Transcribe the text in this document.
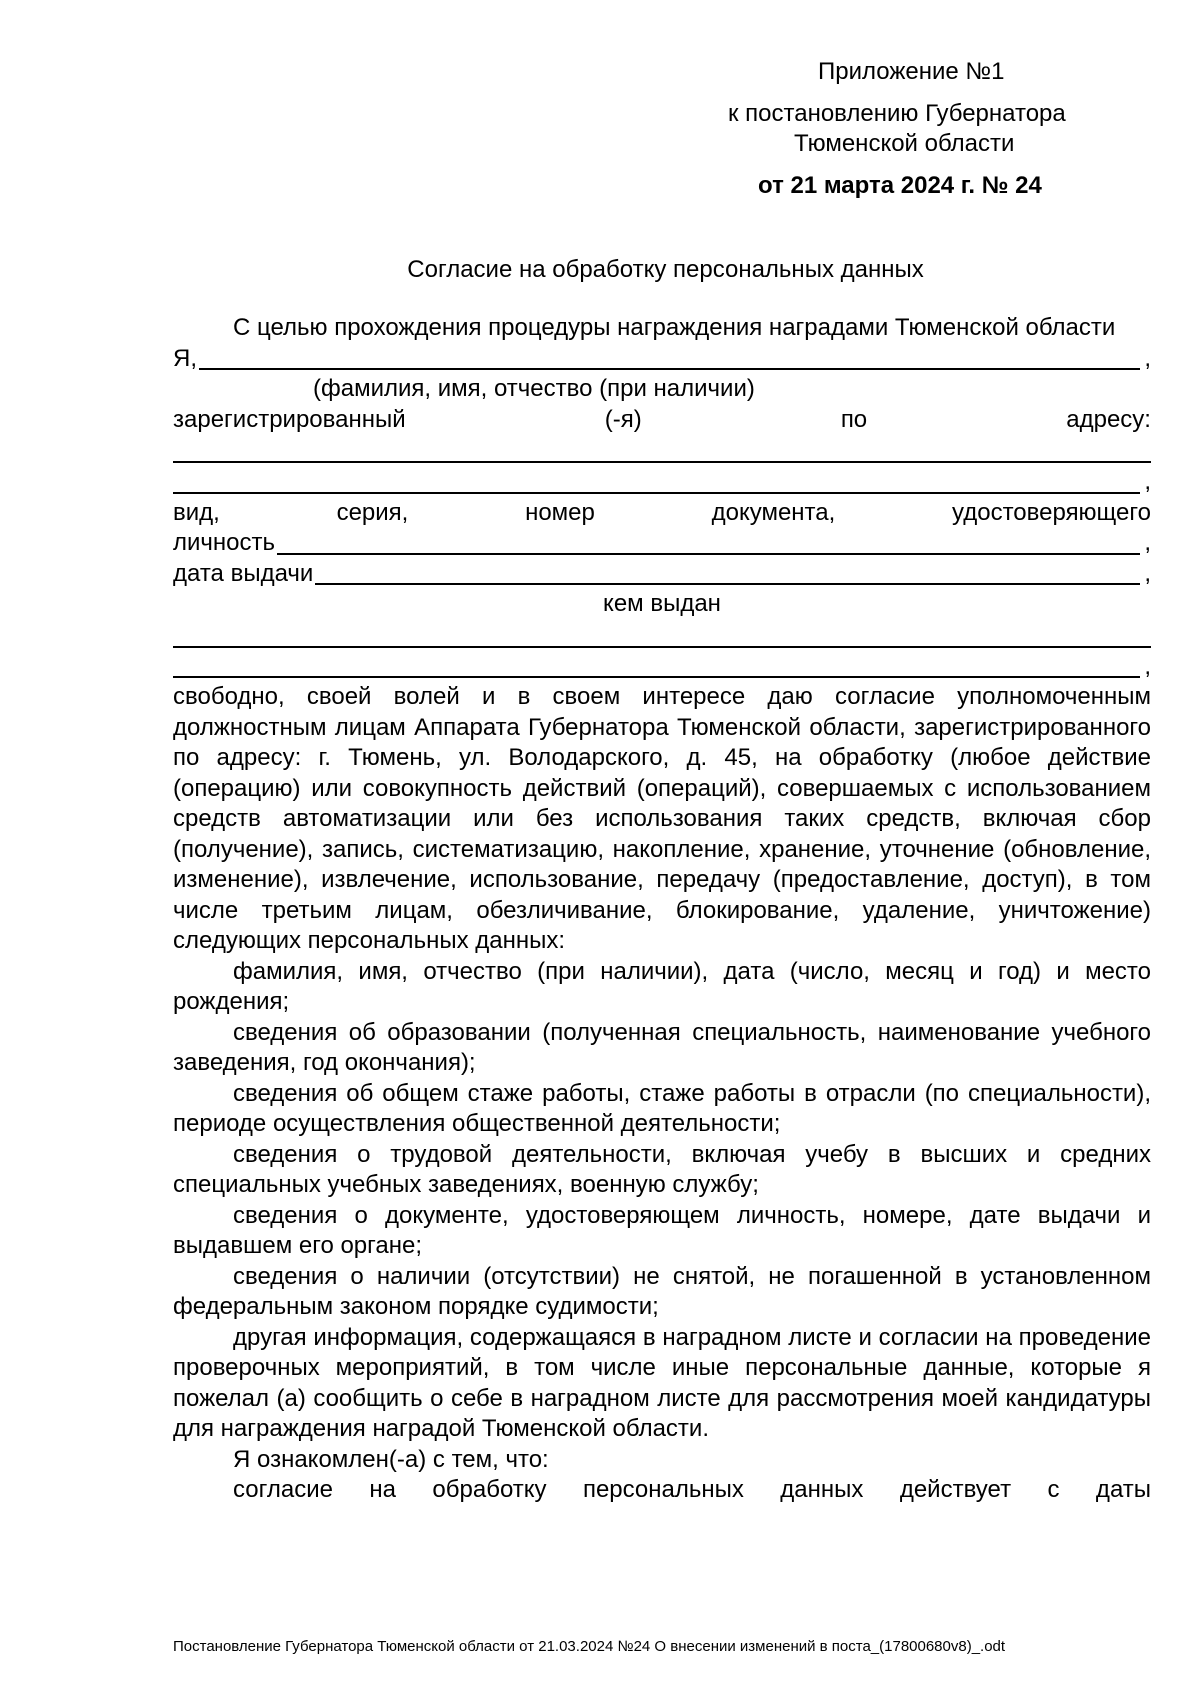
Приложение №1
к постановлению Губернатора
Тюменской области
от 21 марта 2024 г. № 24
Согласие на обработку персональных данных

С целью прохождения процедуры награждения наградами Тюменской области

Я,	,
(фамилия, имя, отчество (при наличии)
зарегистрированный	(-я)	по	адресу:
,
вид,	серия,	номер	документа,	удостоверяющего
личность	,
дата выдачи	,
кем выдан
,

свободно, своей волей и в своем интересе даю согласие уполномоченным должностным лицам Аппарата Губернатора Тюменской области, зарегистрированного по адресу: г. Тюмень, ул. Володарского, д. 45, на обработку (любое действие (операцию) или совокупность действий (операций), совершаемых с использованием средств автоматизации или без использования таких средств, включая сбор (получение), запись, систематизацию, накопление, хранение, уточнение (обновление, изменение), извлечение, использование, передачу (предоставление, доступ), в том числе третьим лицам, обезличивание, блокирование, удаление, уничтожение) следующих персональных данных:

фамилия, имя, отчество (при наличии), дата (число, месяц и год) и место рождения;

сведения об образовании (полученная специальность, наименование учебного заведения, год окончания);

сведения об общем стаже работы, стаже работы в отрасли (по специальности), периоде осуществления общественной деятельности;

сведения о трудовой деятельности, включая учебу в высших и средних специальных учебных заведениях, военную службу;

сведения о документе, удостоверяющем личность, номере, дате выдачи и выдавшем его органе;

сведения о наличии (отсутствии) не снятой, не погашенной в установленном федеральным законом порядке судимости;

другая информация, содержащаяся в наградном листе и согласии на проведение проверочных мероприятий, в том числе иные персональные данные, которые я пожелал (а) сообщить о себе в наградном листе для рассмотрения моей кандидатуры для награждения наградой Тюменской области.

Я ознакомлен(-а) с тем, что:

согласие на обработку персональных данных действует с даты

Постановление Губернатора Тюменской области от 21.03.2024 №24 О внесении изменений в поста_(17800680v8)_.odt
